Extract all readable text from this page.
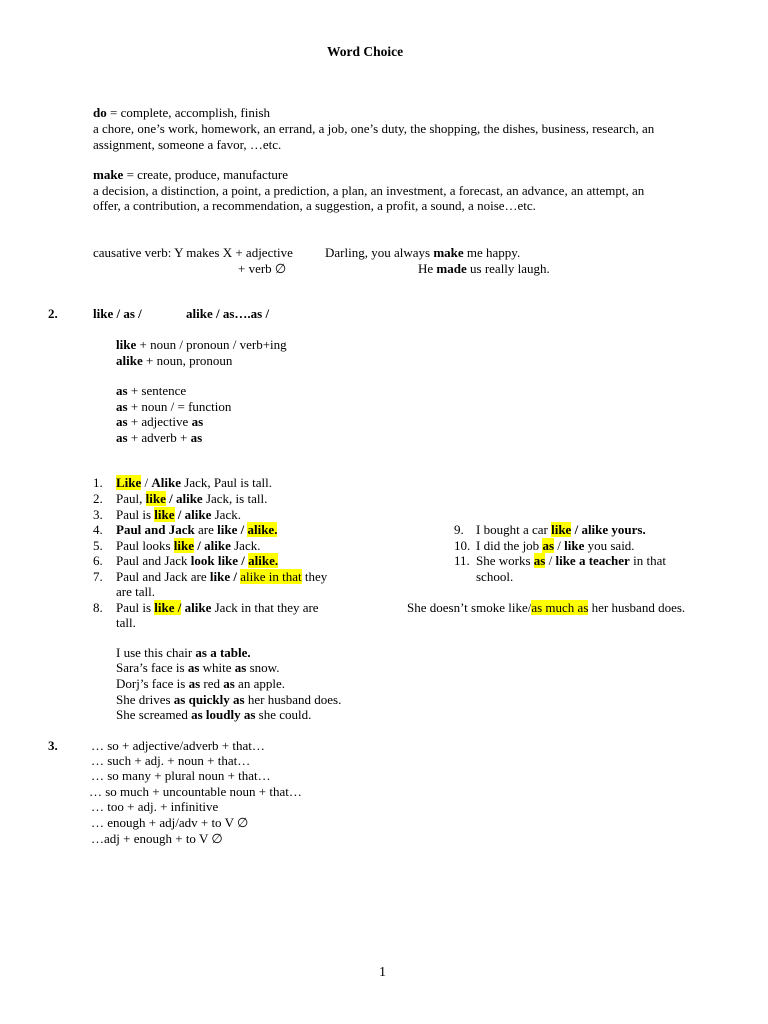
Word Choice
do = complete, accomplish, finish
a chore, one’s work, homework, an errand, a job, one’s duty, the shopping, the dishes, business, research, an
assignment, someone a favor, …etc.
make = create, produce, manufacture
a decision, a distinction, a point, a prediction, a plan, an investment, a forecast, an advance, an attempt, an
offer, a contribution, a recommendation, a suggestion, a profit, a sound, a noise…etc.
causative verb: Y makes X + adjective Darling, you always make me happy.
+ verb ∅	He made us really laugh.
2.	like / as /	alike / as….as /
like + noun / pronoun / verb+ing
alike + noun, pronoun
as + sentence
as + noun / = function
as + adjective as
as + adverb + as
1. Like / Alike Jack, Paul is tall.
2. Paul, like / alike Jack, is tall.
3. Paul is like / alike Jack.
4. Paul and Jack are like / alike.
5. Paul looks like / alike Jack.
6. Paul and Jack look like / alike.
7. Paul and Jack are like / alike in that they
are tall.
8. Paul is like / alike Jack in that they are
tall.
9. I bought a car like / alike yours.
10. I did the job as / like you said.
11. She works as / like a teacher in that
school.
She doesn’t smoke like/as much as her husband does.
I use this chair as a table.
Sara’s face is as white as snow.
Dorj’s face is as red as an apple.
She drives as quickly as her husband does.
She screamed as loudly as she could.
3.	… so + adjective/adverb + that…
… such + adj. + noun + that…
… so many + plural noun + that…
… so much + uncountable noun + that…
… too + adj. + infinitive
… enough + adj/adv + to V ∅
…adj + enough + to V ∅
1
